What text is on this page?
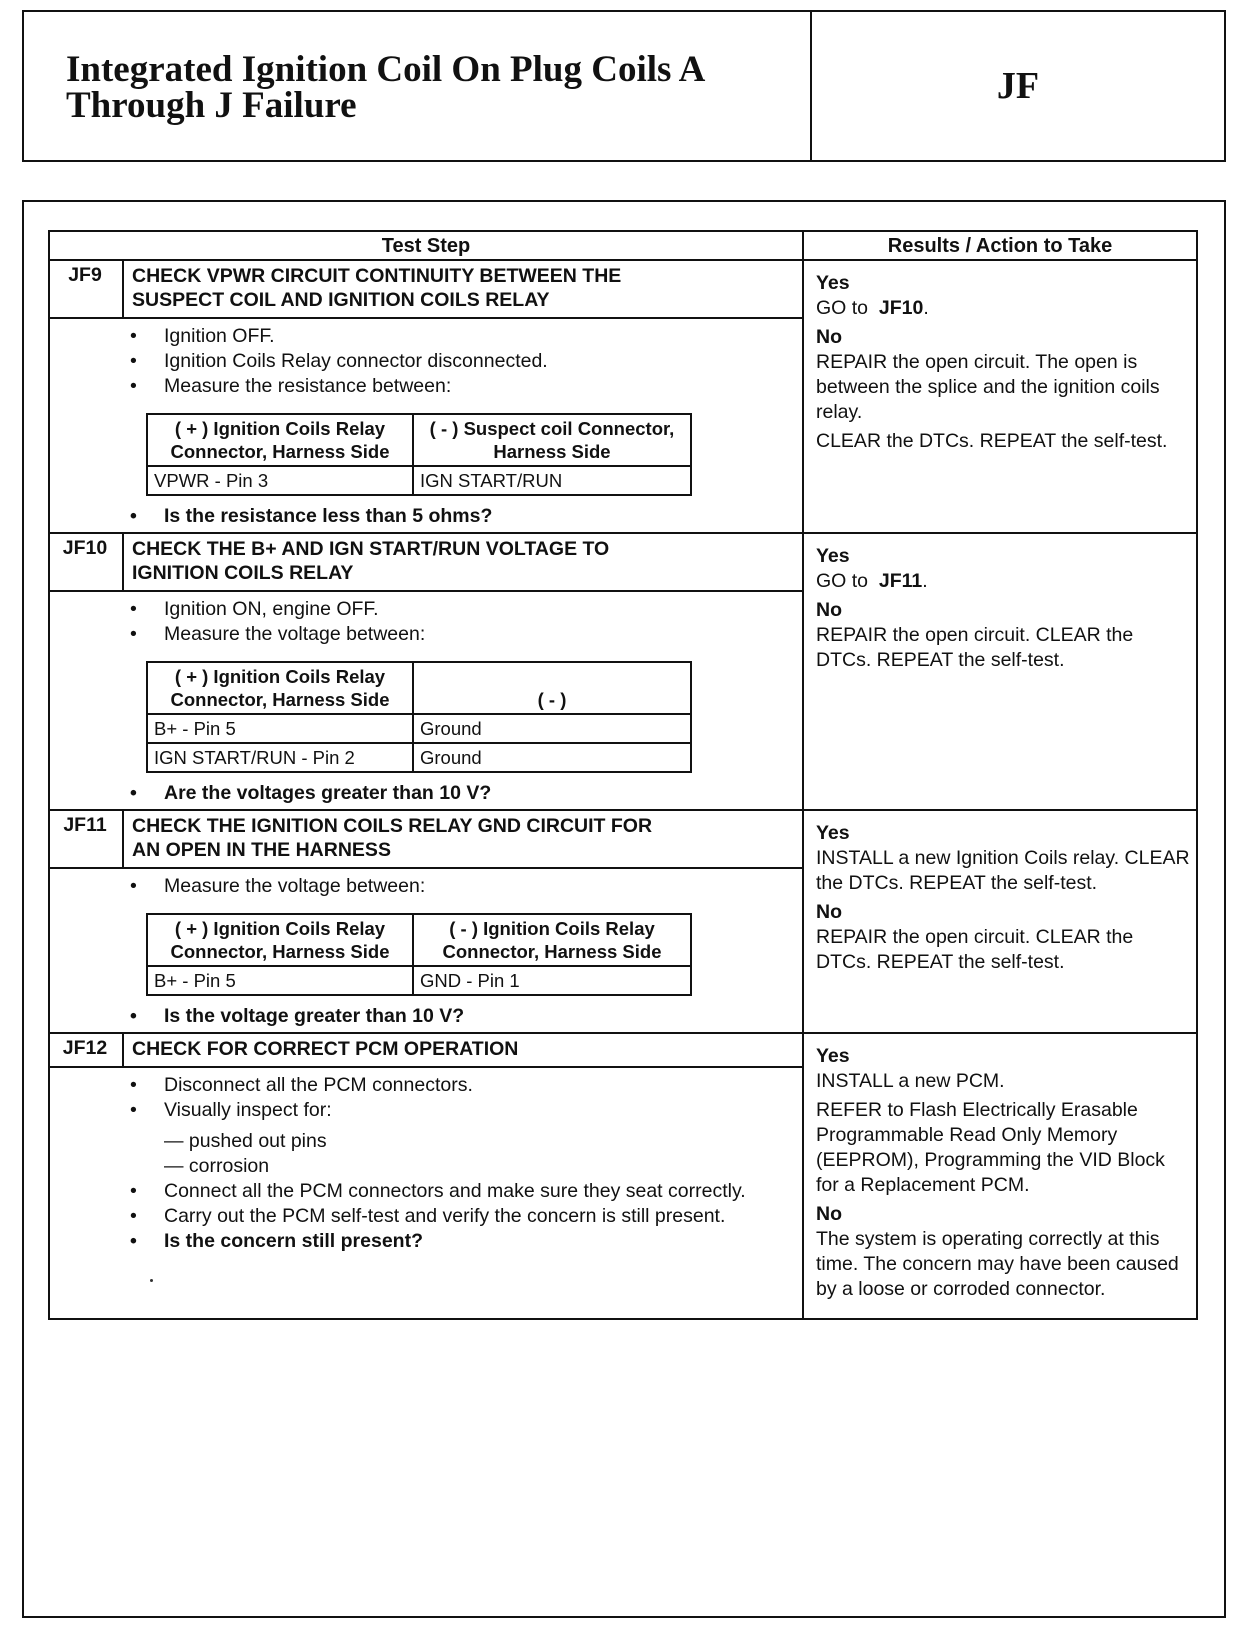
Integrated Ignition Coil On Plug Coils A
Through J Failure	JF
Test Step	Results / Action to Take
JF9	CHECK VPWR CIRCUIT CONTINUITY BETWEEN THE
SUSPECT COIL AND IGNITION COILS RELAY

Yes
GO to JF10.
No
REPAIR the open circuit. The open is between the splice and the ignition coils relay.
CLEAR the DTCs. REPEAT the self-test.

• Ignition OFF.
• Ignition Coils Relay connector disconnected.
• Measure the resistance between:
( + ) Ignition Coils Relay Connector, Harness Side	( - ) Suspect coil Connector, Harness Side
VPWR - Pin 3	IGN START/RUN
• Is the resistance less than 5 ohms?

JF10	CHECK THE B+ AND IGN START/RUN VOLTAGE TO
IGNITION COILS RELAY

Yes
GO to JF11.
No
REPAIR the open circuit. CLEAR the DTCs. REPEAT the self-test.

• Ignition ON, engine OFF.
• Measure the voltage between:
( + ) Ignition Coils Relay Connector, Harness Side	( - )
B+ - Pin 5	Ground
IGN START/RUN - Pin 2	Ground
• Are the voltages greater than 10 V?

JF11	CHECK THE IGNITION COILS RELAY GND CIRCUIT FOR
AN OPEN IN THE HARNESS

Yes
INSTALL a new Ignition Coils relay. CLEAR the DTCs. REPEAT the self-test.
No
REPAIR the open circuit. CLEAR the DTCs. REPEAT the self-test.

• Measure the voltage between:
( + ) Ignition Coils Relay Connector, Harness Side	( - ) Ignition Coils Relay Connector, Harness Side
B+ - Pin 5	GND - Pin 1
• Is the voltage greater than 10 V?

JF12	CHECK FOR CORRECT PCM OPERATION	Yes
INSTALL a new PCM.
REFER to Flash Electrically Erasable Programmable Read Only Memory (EEPROM), Programming the VID Block for a Replacement PCM.
No
The system is operating correctly at this time. The concern may have been caused by a loose or corroded connector.

• Disconnect all the PCM connectors.
• Visually inspect for:
— pushed out pins
— corrosion
• Connect all the PCM connectors and make sure they seat correctly.
• Carry out the PCM self-test and verify the concern is still present.
• Is the concern still present?
